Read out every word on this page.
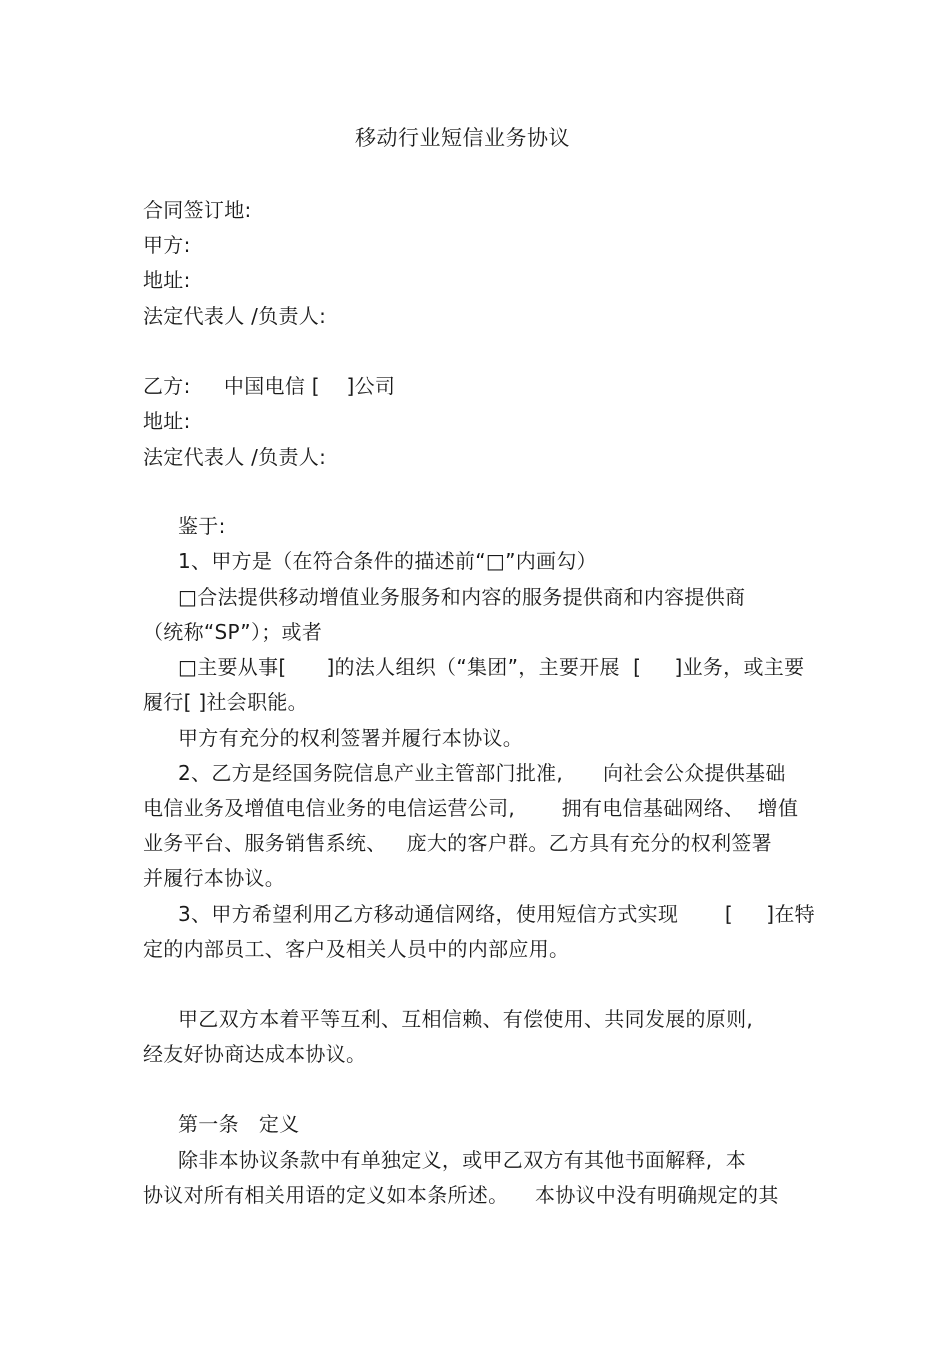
移动行业短信业务协议
合同签订地:
甲方:
地址:
法定代表人 /负责人:
乙方:     中国电信 [    ]公司
地址:
法定代表人 /负责人:
鉴于:
1、甲方是（在符合条件的描述前“□”内画勾）
□合法提供移动增值业务服务和内容的服务提供商和内容提供商
（统称“SP”）；或者
□主要从事[      ]的法人组织（“集团”，主要开展  [     ]业务，或主要
履行[ ]社会职能。
甲方有充分的权利签署并履行本协议。
2、乙方是经国务院信息产业主管部门批准,      向社会公众提供基础
电信业务及增值电信业务的电信运营公司,       拥有电信基础网络、  增值
业务平台、服务销售系统、   庞大的客户群。乙方具有充分的权利签署
并履行本协议。
3、甲方希望利用乙方移动通信网络，使用短信方式实现       [     ]在特
定的内部员工、客户及相关人员中的内部应用。
甲乙双方本着平等互利、互相信赖、有偿使用、共同发展的原则,
经友好协商达成本协议。
第一条   定义
除非本协议条款中有单独定义，或甲乙双方有其他书面解释,  本
协议对所有相关用语的定义如本条所述。    本协议中没有明确规定的其
